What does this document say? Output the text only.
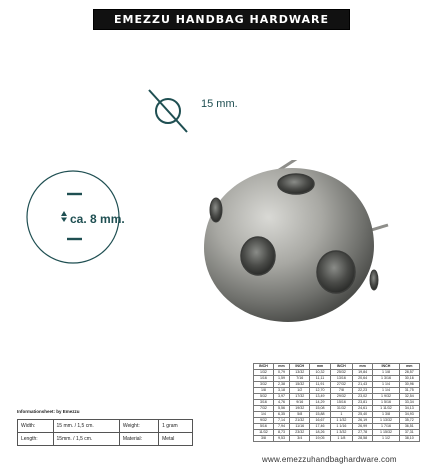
EMEZZU HANDBAG HARDWARE
15 mm.
ca. 8 mm.
Informationsheet: by Emezzu
Width:	15 mm. / 1,5 cm.	Weight:	1 gram
Length:	15mm. / 1,5 cm.	Material:	Metal
INCH	mm	INCH	mm	INCH	mm	INCH	mm
1/32	0,79	13/32	10,32	25/32	19,84	1 1/8	28,57
1/16	1,59	7/16	11,11	13/16	20,64	1 3/16	30,16
3/32	2,38	15/32	11,91	27/32	21,43	1 1/4	30,96
1/8	3,18	1/2	12,70	7/8	22,23	1 1/4	31,75
5/32	3,97	17/32	13,49	29/32	23,02	1 9/32	32,54
3/16	4,76	9/16	14,29	15/16	23,81	1 5/16	33,34
7/32	5,56	19/32	15,08	31/32	24,61	1 11/32	34,13
1/4	6,35	5/8	15,88	1	25,40	1 3/8	34,93
9/32	7,14	21/32	16,67	1 1/32	26,19	1 13/32	35,72
5/16	7,94	11/16	17,46	1 1/16	26,99	1 7/16	36,51
11/32	8,73	23/32	18,26	1 3/32	27,78	1 15/32	37,31
3/8	9,53	3/4	19,05	1 1/8	28,58	1 1/2	38,10
www.emezzuhandbaghardware.com
